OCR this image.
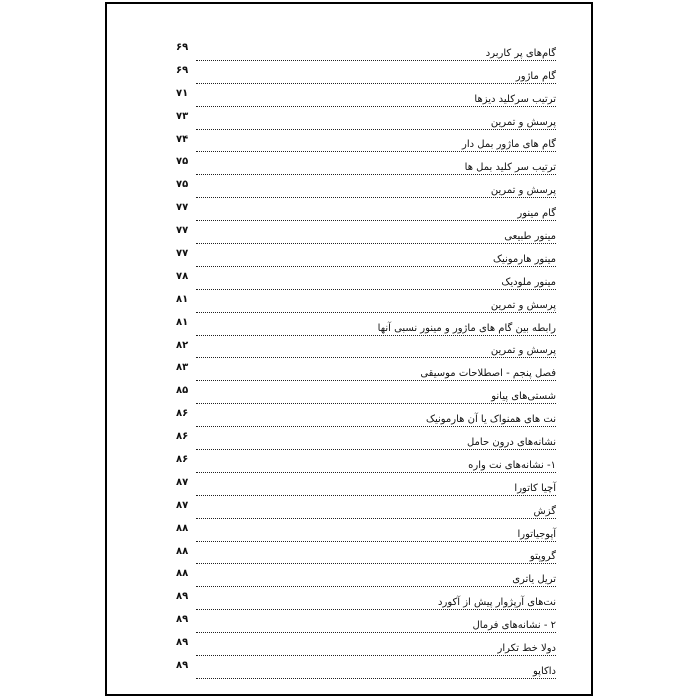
۶۹
گام‌های پر کاربرد
۶۹
گام ماژور
۷۱
ترتیب سرکلید دیزها
۷۳
پرسش و تمرین
۷۴
گام های ماژور بمل دار
۷۵
ترتیب سر کلید بمل ها
۷۵
پرسش و تمرین
۷۷
گام مینور
۷۷
مینور طبیعی
۷۷
مینور هارمونیک
۷۸
مینور ملودیک
۸۱
پرسش و تمرین
۸۱
رابطه بین گام های ماژور و مینور نسبی آنها
۸۲
پرسش و تمرین
۸۳
فصل پنجم - اصطلاحات موسیقی
۸۵
شستی‌های پیانو
۸۶
نت های همنواک یا آن هارمونیک
۸۶
نشانه‌های درون حامل
۸۶
۱- نشانه‌های نت واره
۸۷
آچیا کاتورا
۸۷
گزش
۸۸
آپوجیاتورا
۸۸
گروپتو
۸۸
تریل یاتری
۸۹
نت‌های آرپژوار پیش از آکورد
۸۹
۲ - نشانه‌های فرمال
۸۹
دولا خط تکرار
۸۹
داکاپو
